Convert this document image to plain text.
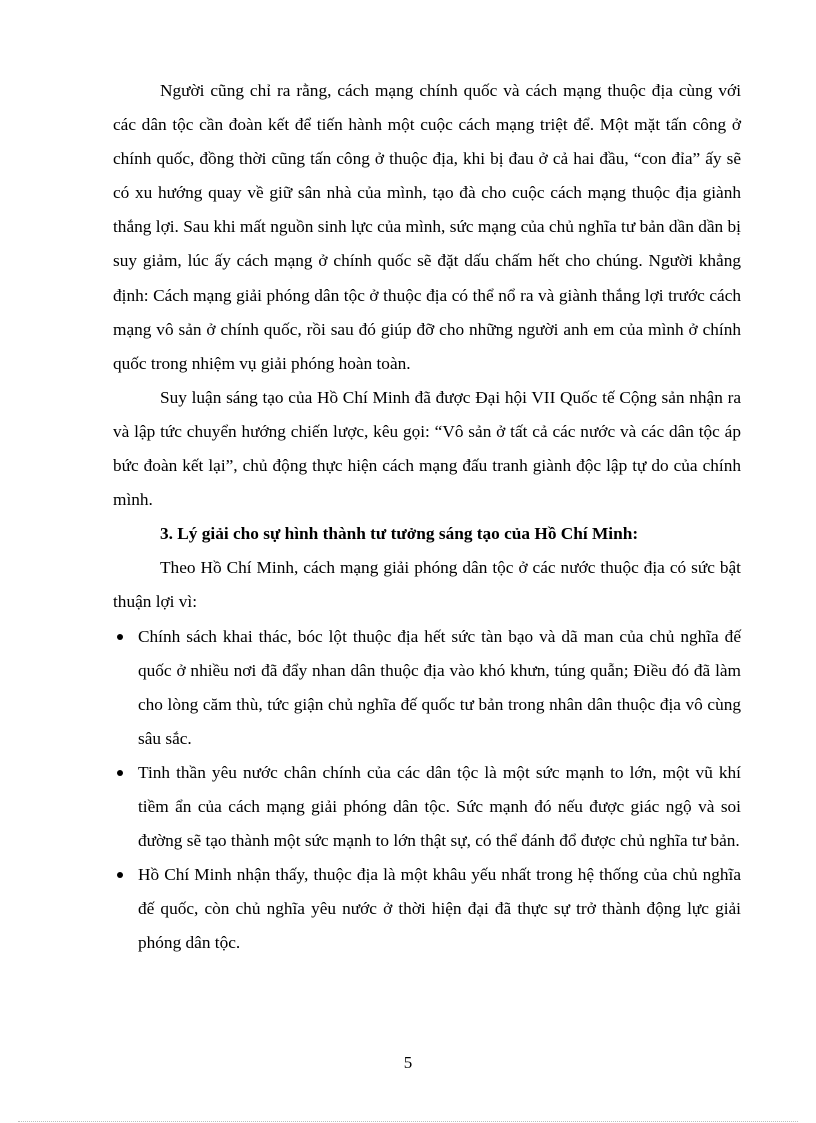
Người cũng chỉ ra rằng, cách mạng chính quốc và cách mạng thuộc địa cùng với các dân tộc cần đoàn kết để tiến hành một cuộc cách mạng triệt để. Một mặt tấn công ở chính quốc, đồng thời cũng tấn công ở thuộc địa, khi bị đau ở cả hai đầu, “con đỉa” ấy sẽ có xu hướng quay về giữ sân nhà của mình, tạo đà cho cuộc cách mạng thuộc địa giành thắng lợi. Sau khi mất nguồn sinh lực của mình, sức mạng của chủ nghĩa tư bản dần dần bị suy giảm, lúc ấy cách mạng ở chính quốc sẽ đặt dấu chấm hết cho chúng. Người khẳng định: Cách mạng giải phóng dân tộc ở thuộc địa có thể nổ ra và giành thắng lợi trước cách mạng vô sản ở chính quốc, rồi sau đó giúp đỡ cho những người anh em của mình ở chính quốc trong nhiệm vụ giải phóng hoàn toàn.

Suy luận sáng tạo của Hồ Chí Minh đã được Đại hội VII Quốc tế Cộng sản nhận ra và lập tức chuyển hướng chiến lược, kêu gọi: “Vô sản ở tất cả các nước và các dân tộc áp bức đoàn kết lại”, chủ động thực hiện cách mạng đấu tranh giành độc lập tự do của chính mình.

3. Lý giải cho sự hình thành tư tưởng sáng tạo của Hồ Chí Minh:

Theo Hồ Chí Minh, cách mạng giải phóng dân tộc ở các nước thuộc địa có sức bật thuận lợi vì:

Chính sách khai thác, bóc lột thuộc địa hết sức tàn bạo và dã man của chủ nghĩa đế quốc ở nhiều nơi đã đẩy nhan dân thuộc địa vào khó khưn, túng quẫn; Điều đó đã làm cho lòng căm thù, tức giận chủ nghĩa đế quốc tư bản trong nhân dân thuộc địa vô cùng sâu sắc.
Tinh thần yêu nước chân chính của các dân tộc là một sức mạnh to lớn, một vũ khí tiềm ẩn của cách mạng giải phóng dân tộc. Sức mạnh đó nếu được giác ngộ và soi đường sẽ tạo thành một sức mạnh to lớn thật sự, có thể đánh đổ được chủ nghĩa tư bản.
Hồ Chí Minh nhận thấy, thuộc địa là một khâu yếu nhất trong hệ thống của chủ nghĩa đế quốc, còn chủ nghĩa yêu nước ở thời hiện đại đã thực sự trở thành động lực giải phóng dân tộc.
5
